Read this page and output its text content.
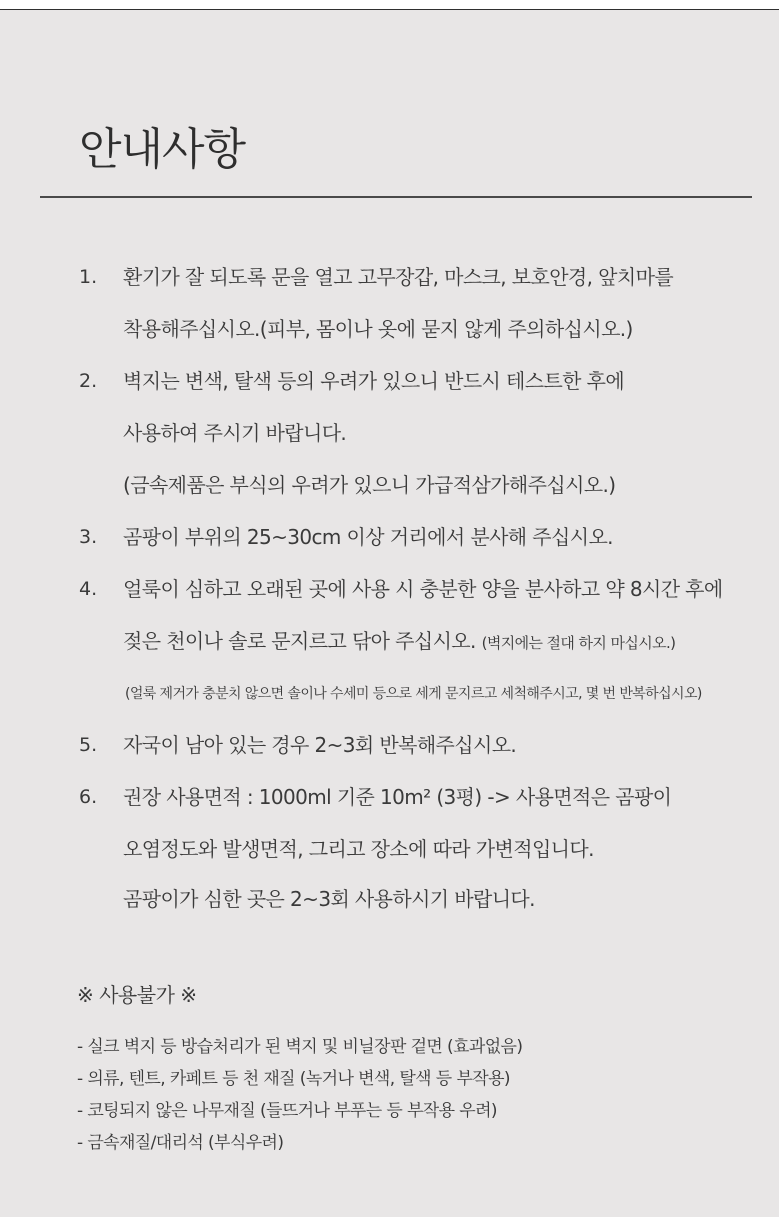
안내사항
1. 환기가 잘 되도록 문을 열고 고무장갑, 마스크, 보호안경, 앞치마를
착용해주십시오.(피부, 몸이나 옷에 묻지 않게 주의하십시오.)
2. 벽지는 변색, 탈색 등의 우려가 있으니 반드시 테스트한 후에
사용하여 주시기 바랍니다.
(금속제품은 부식의 우려가 있으니 가급적삼가해주십시오.)
3. 곰팡이 부위의 25~30cm 이상 거리에서 분사해 주십시오.
4. 얼룩이 심하고 오래된 곳에 사용 시 충분한 양을 분사하고 약 8시간 후에
젖은 천이나 솔로 문지르고 닦아 주십시오. (벽지에는 절대 하지 마십시오.)
(얼룩 제거가 충분치 않으면 솔이나 수세미 등으로 세게 문지르고 세척해주시고, 몇 번 반복하십시오)
5. 자국이 남아 있는 경우 2~3회 반복해주십시오.
6. 권장 사용면적 : 1000ml 기준 10m² (3평) -> 사용면적은 곰팡이
오염정도와 발생면적, 그리고 장소에 따라 가변적입니다.
곰팡이가 심한 곳은 2~3회 사용하시기 바랍니다.
※ 사용불가 ※
- 실크 벽지 등 방습처리가 된 벽지 및 비닐장판 겉면 (효과없음)
- 의류, 텐트, 카페트 등 천 재질 (녹거나 변색, 탈색 등 부작용)
- 코팅되지 않은 나무재질 (들뜨거나 부푸는 등 부작용 우려)
- 금속재질/대리석 (부식우려)
